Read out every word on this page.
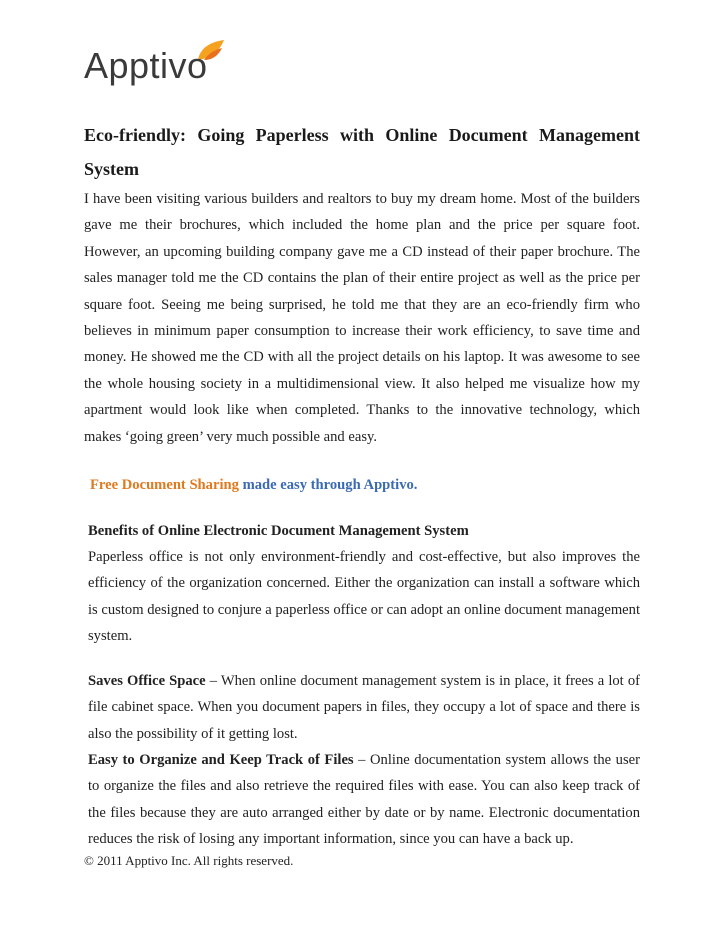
Apptivo
Eco-friendly: Going Paperless with Online Document Management System

I have been visiting various builders and realtors to buy my dream home. Most of the builders gave me their brochures, which included the home plan and the price per square foot. However, an upcoming building company gave me a CD instead of their paper brochure. The sales manager told me the CD contains the plan of their entire project as well as the price per square foot. Seeing me being surprised, he told me that they are an eco-friendly firm who believes in minimum paper consumption to increase their work efficiency, to save time and money. He showed me the CD with all the project details on his laptop. It was awesome to see the whole housing society in a multidimensional view. It also helped me visualize how my apartment would look like when completed. Thanks to the innovative technology, which makes ‘going green’ very much possible and easy.

Free Document Sharing made easy through Apptivo.
Benefits of Online Electronic Document Management System

Paperless office is not only environment-friendly and cost-effective, but also improves the efficiency of the organization concerned. Either the organization can install a software which is custom designed to conjure a paperless office or can adopt an online document management system.

Saves Office Space – When online document management system is in place, it frees a lot of file cabinet space. When you document papers in files, they occupy a lot of space and there is also the possibility of it getting lost.

Easy to Organize and Keep Track of Files – Online documentation system allows the user to organize the files and also retrieve the required files with ease. You can also keep track of the files because they are auto arranged either by date or by name. Electronic documentation reduces the risk of losing any important information, since you can have a back up.

© 2011 Apptivo Inc. All rights reserved.
